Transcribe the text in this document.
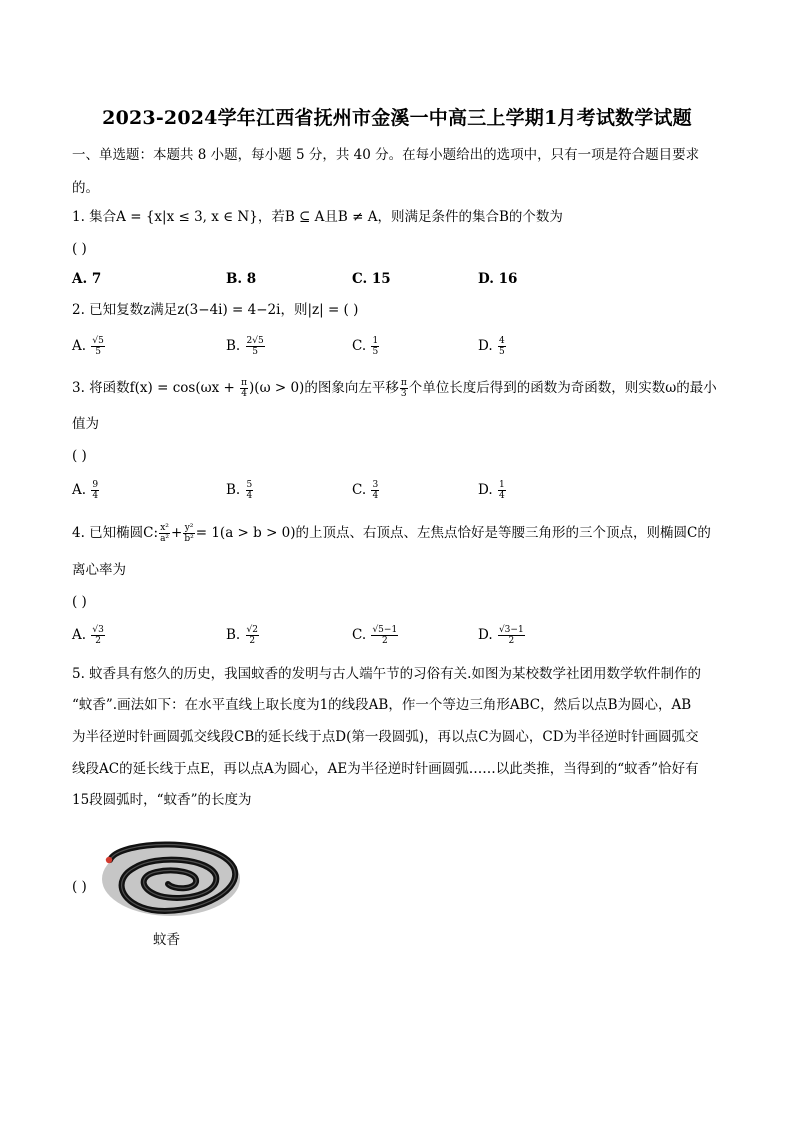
2023-2024学年江西省抚州市金溪一中高三上学期1月考试数学试题
一、单选题：本题共 8 小题，每小题 5 分，共 40 分。在每小题给出的选项中，只有一项是符合题目要求
的。
1. 集合A = {x|x ≤ 3, x ∈ N}，若B ⊆ A且B ≠ A，则满足条件的集合B的个数为
( )
A. 7	B. 8	C. 15	D. 16
2. 已知复数z满足z(3−4i) = 4−2i，则|z| = ( )
A. $\frac{√5}{5}$	B. $\frac{2√5}{5}$	C. $\frac{1}{5}$	D. $\frac{4}{5}$
3. 将函数$f(x) = \cos(\omega x + \frac{\pi}{4} )(\omega > 0)$的图象向左平移 $\frac{\pi}{3}$ 个单位长度后得到的函数为奇函数，则实数ω的最小
值为
( )
A. $\frac{9}{4}$	B. $\frac{5}{4}$	C. $\frac{3}{4}$	D. $\frac{1}{4}$
4. 已知椭圆C: $\frac{\text{x²}}{\text{a²}} + \frac{\text{y²}}{\text{b²}} = 1(a > b > 0)$的上顶点、右顶点、左焦点恰好是等腰三角形的三个顶点，则椭圆C的
离心率为
( )
A. $\frac{√3}{2}$	B. $\frac{√2}{2}$	C. $\frac{√5-1}{2}$	D. $\frac{√3-1}{2}$
5. 蚊香具有悠久的历史，我国蚊香的发明与古人端午节的习俗有关.如图为某校数学社团用数学软件制作的
“蚊香”.画法如下：在水平直线上取长度为1的线段AB，作一个等边三角形ABC，然后以点B为圆心，AB
为半径逆时针画圆弧交线段CB的延长线于点D(第一段圆弧)，再以点C为圆心，CD为半径逆时针画圆弧交
线段AC的延长线于点E，再以点A为圆心，AE为半径逆时针画圆弧……以此类推，当得到的“蚊香”恰好有
15段圆弧时，“蚊香”的长度为
( )
蚊香
